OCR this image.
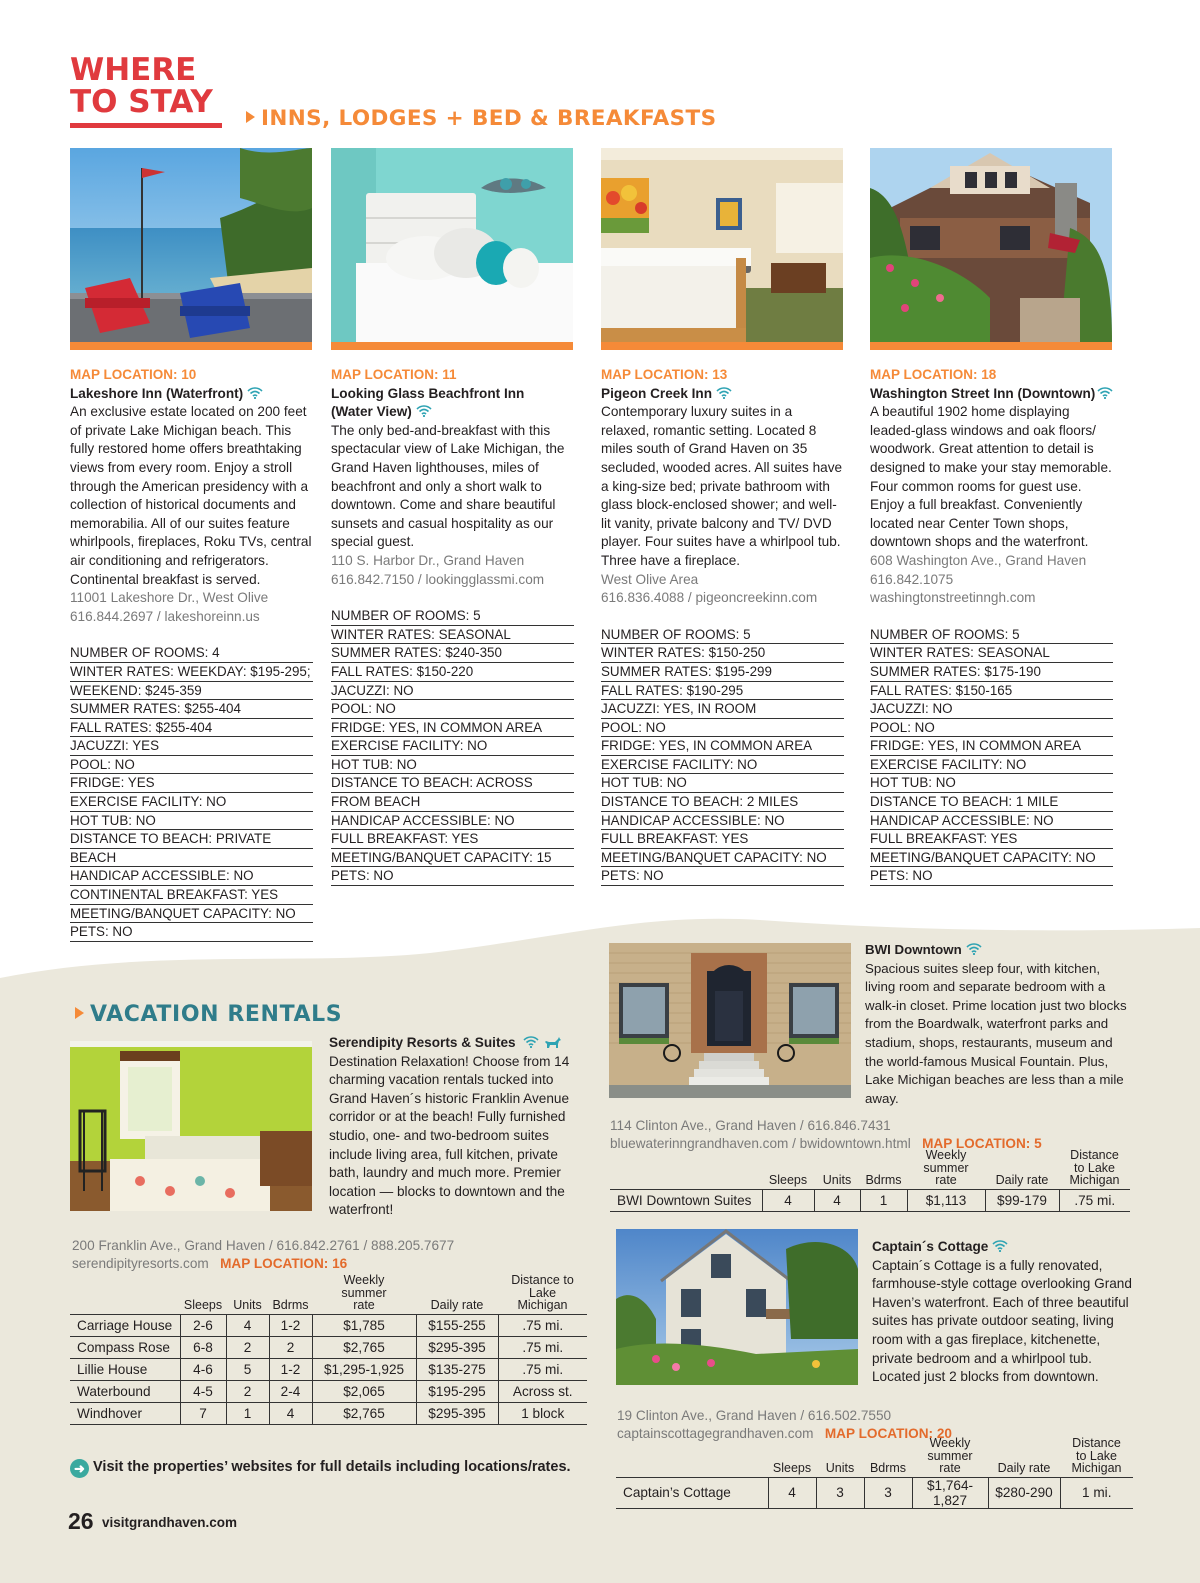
WHERE
TO STAY	INNS, LODGES + BED & BREAKFASTS
MAP LOCATION: 10
Lakeshore Inn (Waterfront)

An exclusive estate located on 200 feet of private Lake Michigan beach. This fully restored home offers breathtaking views from every room. Enjoy a stroll through the American presidency with a collection of historical documents and memorabilia. All of our suites feature whirlpools, fireplaces, Roku TVs, central air conditioning and refrigerators. Continental breakfast is served.

11001 Lakeshore Dr., West Olive
616.844.2697 / lakeshoreinn.us
NUMBER OF ROOMS: 4
WINTER RATES: WEEKDAY: $195-295;
WEEKEND: $245-359
SUMMER RATES: $255-404
FALL RATES: $255-404
JACUZZI: YES
POOL: NO
FRIDGE: YES
EXERCISE FACILITY: NO
HOT TUB: NO
DISTANCE TO BEACH: PRIVATE
BEACH
HANDICAP ACCESSIBLE: NO
CONTINENTAL BREAKFAST: YES
MEETING/BANQUET CAPACITY: NO
PETS: NO
MAP LOCATION: 11
Looking Glass Beachfront Inn
(Water View)

The only bed-and-breakfast with this spectacular view of Lake Michigan, the Grand Haven lighthouses, miles of beachfront and only a short walk to downtown. Come and share beautiful sunsets and casual hospitality as our special guest.

110 S. Harbor Dr., Grand Haven
616.842.7150 / lookingglassmi.com
NUMBER OF ROOMS: 5
WINTER RATES: SEASONAL
SUMMER RATES: $240-350
FALL RATES: $150-220
JACUZZI: NO
POOL: NO
FRIDGE: YES, IN COMMON AREA
EXERCISE FACILITY: NO
HOT TUB: NO
DISTANCE TO BEACH: ACROSS
FROM BEACH
HANDICAP ACCESSIBLE: NO
FULL BREAKFAST: YES
MEETING/BANQUET CAPACITY: 15
PETS: NO
MAP LOCATION: 13
Pigeon Creek Inn

Contemporary luxury suites in a relaxed, romantic setting. Located 8 miles south of Grand Haven on 35 secluded, wooded acres. All suites have a king-size bed; private bathroom with glass block-enclosed shower; and well-lit vanity, private balcony and TV/ DVD player. Four suites have a whirlpool tub. Three have a fireplace.

West Olive Area
616.836.4088 / pigeoncreekinn.com
NUMBER OF ROOMS: 5
WINTER RATES: $150-250
SUMMER RATES: $195-299
FALL RATES: $190-295
JACUZZI: YES, IN ROOM
POOL: NO
FRIDGE: YES, IN COMMON AREA
EXERCISE FACILITY: NO
HOT TUB: NO
DISTANCE TO BEACH: 2 MILES
HANDICAP ACCESSIBLE: NO
FULL BREAKFAST: YES
MEETING/BANQUET CAPACITY: NO
PETS: NO
MAP LOCATION: 18
Washington Street Inn (Downtown)

A beautiful 1902 home displaying leaded-glass windows and oak floors/ woodwork. Great attention to detail is designed to make your stay memorable. Four common rooms for guest use. Enjoy a full breakfast. Conveniently located near Center Town shops, downtown shops and the waterfront.

608 Washington Ave., Grand Haven
616.842.1075
washingtonstreetinngh.com
NUMBER OF ROOMS: 5
WINTER RATES: SEASONAL
SUMMER RATES: $175-190
FALL RATES: $150-165
JACUZZI: NO
POOL: NO
FRIDGE: YES, IN COMMON AREA
EXERCISE FACILITY: NO
HOT TUB: NO
DISTANCE TO BEACH: 1 MILE
HANDICAP ACCESSIBLE: NO
FULL BREAKFAST: YES
MEETING/BANQUET CAPACITY: NO
PETS: NO
VACATION RENTALS
Serendipity Resorts & Suites
Destination Relaxation! Choose from 14 charming vacation rentals tucked into Grand Haven´s historic Franklin Avenue corridor or at the beach! Fully furnished studio, one- and two-bedroom suites include living area, full kitchen, private bath, laundry and much more. Premier location — blocks to downtown and the waterfront!
200 Franklin Ave., Grand Haven / 616.842.2761 / 888.205.7677
serendipityresorts.com MAP LOCATION: 16
	Sleeps	Units	Bdrms	Weekly summer rate	Daily rate	Distance to Lake Michigan
Carriage House	2-6	4	1-2	$1,785	$155-255	.75 mi.
Compass Rose	6-8	2	2	$2,765	$295-395	.75 mi.
Lillie House	4-6	5	1-2	$1,295-1,925	$135-275	.75 mi.
Waterbound	4-5	2	2-4	$2,065	$195-295	Across st.
Windhover	7	1	4	$2,765	$295-395	1 block
➜ Visit the properties’ websites for full details including locations/rates.
BWI Downtown
Spacious suites sleep four, with kitchen, living room and separate bedroom with a walk-in closet. Prime location just two blocks from the Boardwalk, waterfront parks and stadium, shops, restaurants, museum and the world-famous Musical Fountain. Plus, Lake Michigan beaches are less than a mile away.
114 Clinton Ave., Grand Haven / 616.846.7431
bluewaterinngrandhaven.com / bwidowntown.html MAP LOCATION: 5
	Sleeps	Units	Bdrms	Weekly summer rate	Daily rate	Distance to Lake Michigan
BWI Downtown Suites	4	4	1	$1,113	$99-179	.75 mi.
Captain´s Cottage
Captain´s Cottage is a fully renovated, farmhouse-style cottage overlooking Grand Haven’s waterfront. Each of three beautiful suites has private outdoor seating, living room with a gas fireplace, kitchenette, private bedroom and a whirlpool tub. Located just 2 blocks from downtown.
19 Clinton Ave., Grand Haven / 616.502.7550
captainscottagegrandhaven.com MAP LOCATION: 20
	Sleeps	Units	Bdrms	Weekly summer rate	Daily rate	Distance to Lake Michigan
Captain’s Cottage	4	3	3	$1,764-1,827	$280-290	1 mi.
26 visitgrandhaven.com
